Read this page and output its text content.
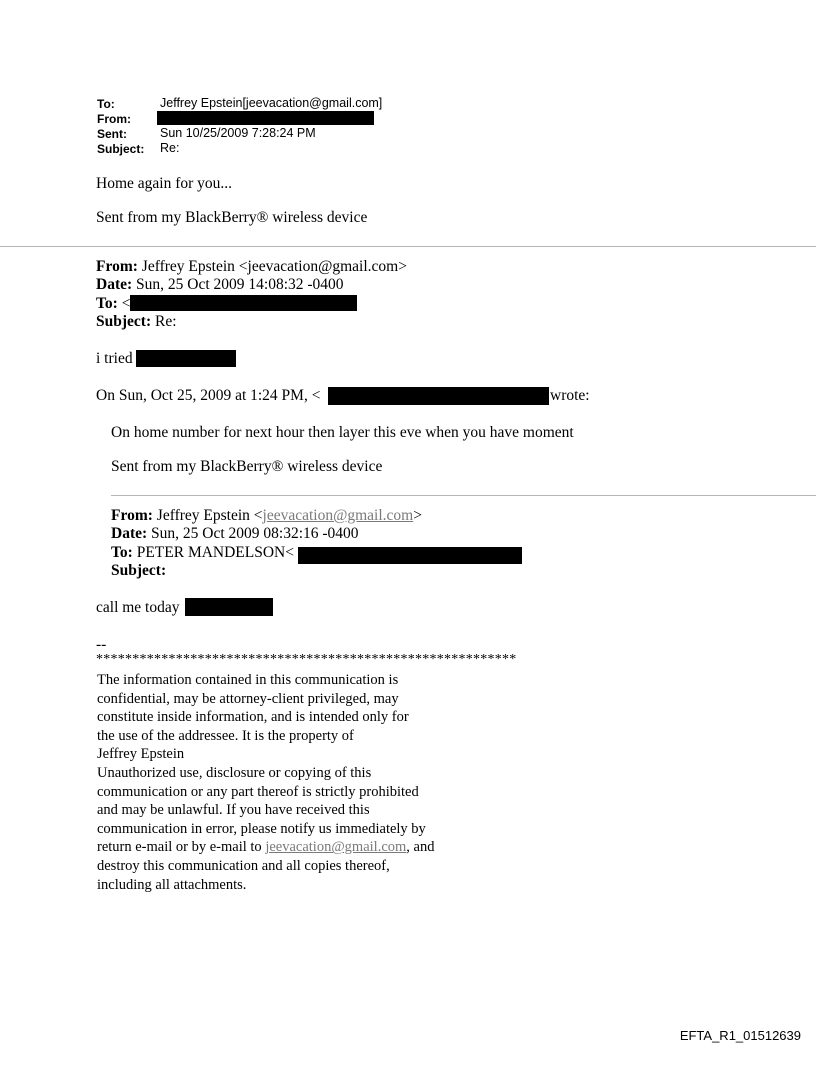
To:	Jeffrey Epstein[jeevacation@gmail.com]
From:
Sent:	Sun 10/25/2009 7:28:24 PM
Subject: Re:
Home again for you...
Sent from my BlackBerry® wireless device
From: Jeffrey Epstein <jeevacation@gmail.com>
Date: Sun, 25 Oct 2009 14:08:32 -0400
To: <
Subject: Re:
i tried
On Sun, Oct 25, 2009 at 1:24 PM, <	wrote:
On home number for next hour then layer this eve when you have moment
Sent from my BlackBerry® wireless device
From: Jeffrey Epstein <jeevacation@gmail.com>
Date: Sun, 25 Oct 2009 08:32:16 -0400
To: PETER MANDELSON<
Subject:
call me today
--
**********************************************************
The information contained in this communication is
confidential, may be attorney-client privileged, may
constitute inside information, and is intended only for
the use of the addressee. It is the property of
Jeffrey Epstein
Unauthorized use, disclosure or copying of this
communication or any part thereof is strictly prohibited
and may be unlawful. If you have received this
communication in error, please notify us immediately by
return e-mail or by e-mail to jeevacation@gmail.com, and
destroy this communication and all copies thereof,
including all attachments.
EFTA_R1_01512639
